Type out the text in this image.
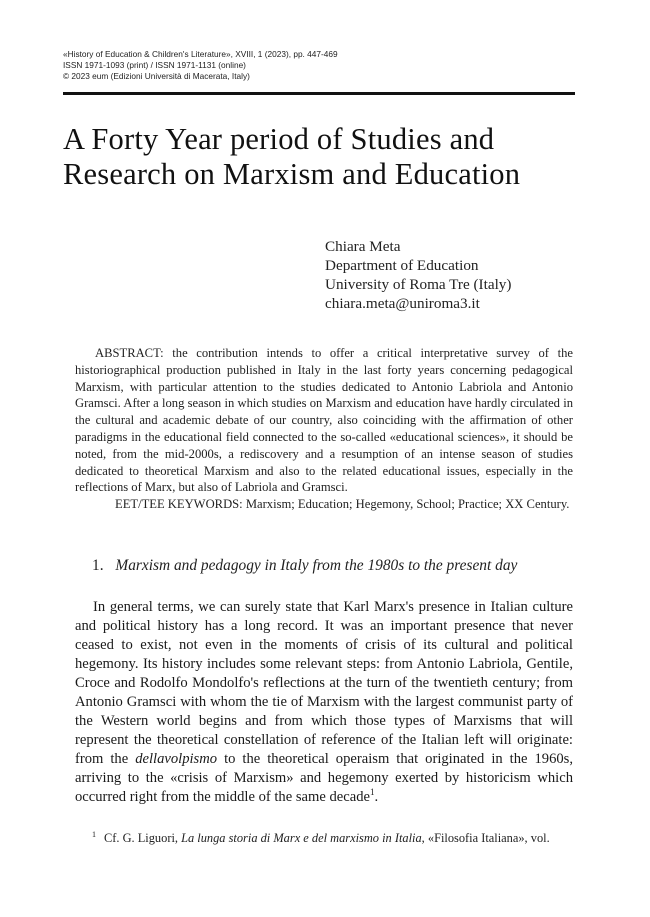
«History of Education & Children's Literature», XVIII, 1 (2023), pp. 447-469
ISSN 1971-1093 (print) / ISSN 1971-1131 (online)
© 2023 eum (Edizioni Università di Macerata, Italy)
A Forty Year period of Studies and
Research on Marxism and Education
Chiara Meta
Department of Education
University of Roma Tre (Italy)
chiara.meta@uniroma3.it

ABSTRACT: the contribution intends to offer a critical interpretative survey of the historiographical production published in Italy in the last forty years concerning pedagogical Marxism, with particular attention to the studies dedicated to Antonio Labriola and Antonio Gramsci. After a long season in which studies on Marxism and education have hardly circulated in the cultural and academic debate of our country, also coinciding with the affirmation of other paradigms in the educational field connected to the so-called «educational sciences», it should be noted, from the mid-2000s, a rediscovery and a resumption of an intense season of studies dedicated to theoretical Marxism and also to the related educational issues, especially in the reflections of Marx, but also of Labriola and Gramsci.

EET/TEE KEYWORDS: Marxism; Education; Hegemony, School; Practice; XX Century.

1. Marxism and pedagogy in Italy from the 1980s to the present day

In general terms, we can surely state that Karl Marx's presence in Italian culture and political history has a long record. It was an important presence that never ceased to exist, not even in the moments of crisis of its cultural and political hegemony. Its history includes some relevant steps: from Antonio Labriola, Gentile, Croce and Rodolfo Mondolfo's reflections at the turn of the twentieth century; from Antonio Gramsci with whom the tie of Marxism with the largest communist party of the Western world begins and from which those types of Marxisms that will represent the theoretical constellation of reference of the Italian left will originate: from the dellavolpismo to the theoretical operaism that originated in the 1960s, arriving to the «crisis of Marxism» and hegemony exerted by historicism which occurred right from the middle of the same decade$^1$.

$^1$ Cf. G. Liguori, La lunga storia di Marx e del marxismo in Italia, «Filosofia Italiana», vol.
